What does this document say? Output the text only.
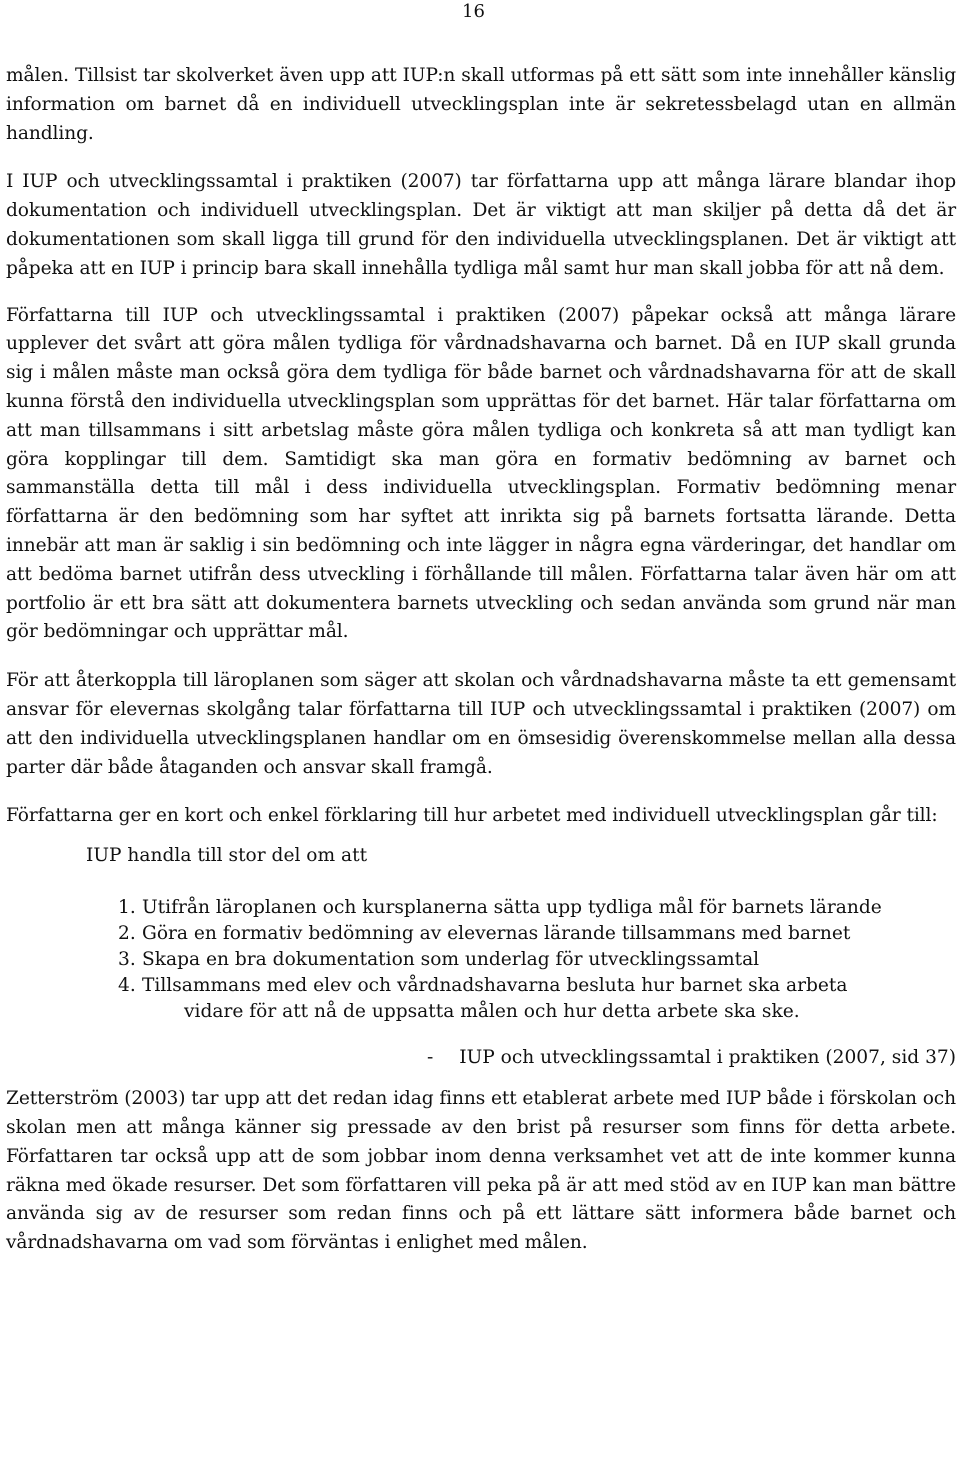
16

målen. Tillsist tar skolverket även upp att IUP:n skall utformas på ett sätt som inte innehåller känslig information om barnet då en individuell utvecklingsplan inte är sekretessbelagd utan en allmän handling.

I IUP och utvecklingssamtal i praktiken (2007) tar författarna upp att många lärare blandar ihop dokumentation och individuell utvecklingsplan. Det är viktigt att man skiljer på detta då det är dokumentationen som skall ligga till grund för den individuella utvecklingsplanen. Det är viktigt att påpeka att en IUP i princip bara skall innehålla tydliga mål samt hur man skall jobba för att nå dem.

Författarna till IUP och utvecklingssamtal i praktiken (2007) påpekar också att många lärare upplever det svårt att göra målen tydliga för vårdnadshavarna och barnet. Då en IUP skall grunda sig i målen måste man också göra dem tydliga för både barnet och vårdnadshavarna för att de skall kunna förstå den individuella utvecklingsplan som upprättas för det barnet. Här talar författarna om att man tillsammans i sitt arbetslag måste göra målen tydliga och konkreta så att man tydligt kan göra kopplingar till dem. Samtidigt ska man göra en formativ bedömning av barnet och sammanställa detta till mål i dess individuella utvecklingsplan. Formativ bedömning menar författarna är den bedömning som har syftet att inrikta sig på barnets fortsatta lärande. Detta innebär att man är saklig i sin bedömning och inte lägger in några egna värderingar, det handlar om att bedöma barnet utifrån dess utveckling i förhållande till målen. Författarna talar även här om att portfolio är ett bra sätt att dokumentera barnets utveckling och sedan använda som grund när man gör bedömningar och upprättar mål.

För att återkoppla till läroplanen som säger att skolan och vårdnadshavarna måste ta ett gemensamt ansvar för elevernas skolgång talar författarna till IUP och utvecklingssamtal i praktiken (2007) om att den individuella utvecklingsplanen handlar om en ömsesidig överenskommelse mellan alla dessa parter där både åtaganden och ansvar skall framgå.

Författarna ger en kort och enkel förklaring till hur arbetet med individuell utvecklingsplan går till:

IUP handla till stor del om att
1. Utifrån läroplanen och kursplanerna sätta upp tydliga mål för barnets lärande
2. Göra en formativ bedömning av elevernas lärande tillsammans med barnet
3. Skapa en bra dokumentation som underlag för utvecklingssamtal
4. Tillsammans med elev och vårdnadshavarna besluta hur barnet ska arbeta
vidare för att nå de uppsatta målen och hur detta arbete ska ske.
- IUP och utvecklingssamtal i praktiken (2007, sid 37)

Zetterström (2003) tar upp att det redan idag finns ett etablerat arbete med IUP både i förskolan och skolan men att många känner sig pressade av den brist på resurser som finns för detta arbete. Författaren tar också upp att de som jobbar inom denna verksamhet vet att de inte kommer kunna räkna med ökade resurser. Det som författaren vill peka på är att med stöd av en IUP kan man bättre använda sig av de resurser som redan finns och på ett lättare sätt informera både barnet och vårdnadshavarna om vad som förväntas i enlighet med målen.
